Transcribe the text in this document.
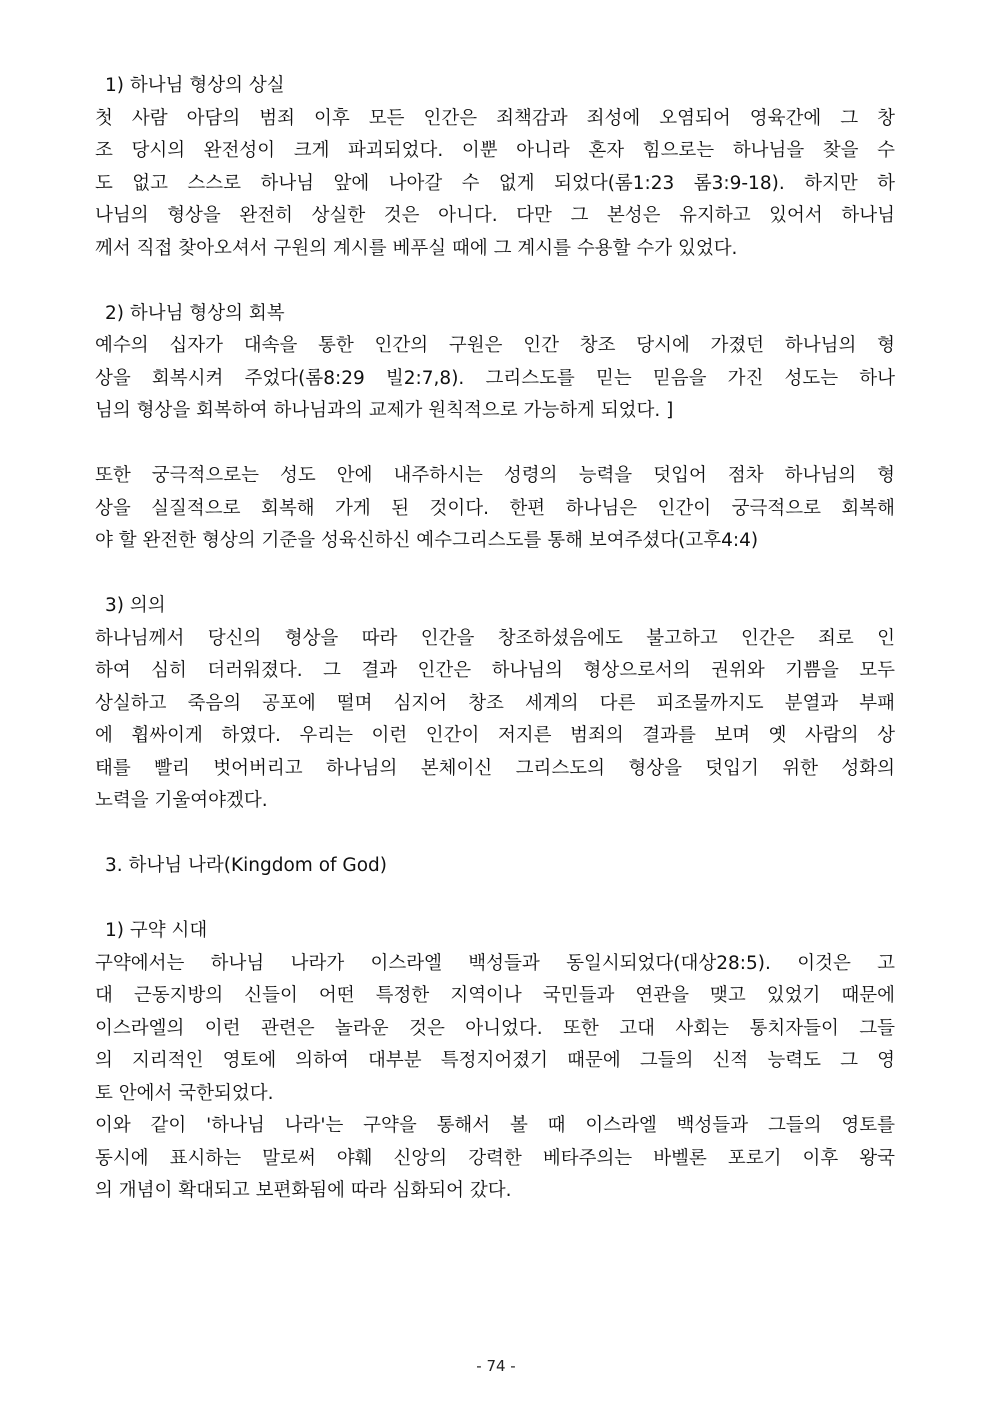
1) 하나님 형상의 상실
첫 사람 아담의 범죄 이후 모든 인간은 죄책감과 죄성에 오염되어 영육간에 그 창
조 당시의 완전성이 크게 파괴되었다. 이뿐 아니라 혼자 힘으로는 하나님을 찾을 수
도 없고 스스로 하나님 앞에 나아갈 수 없게 되었다(롬1:23 롬3:9-18). 하지만 하
나님의 형상을 완전히 상실한 것은 아니다. 다만 그 본성은 유지하고 있어서 하나님
께서 직접 찾아오셔서 구원의 계시를 베푸실 때에 그 계시를 수용할 수가 있었다.
2) 하나님 형상의 회복
예수의 십자가 대속을 통한 인간의 구원은 인간 창조 당시에 가졌던 하나님의 형
상을 회복시켜 주었다(롬8:29 빌2:7,8). 그리스도를 믿는 믿음을 가진 성도는 하나
님의 형상을 회복하여 하나님과의 교제가 원칙적으로 가능하게 되었다. ]
또한 궁극적으로는 성도 안에 내주하시는 성령의 능력을 덧입어 점차 하나님의 형
상을 실질적으로 회복해 가게 된 것이다. 한편 하나님은 인간이 궁극적으로 회복해
야 할 완전한 형상의 기준을 성육신하신 예수그리스도를 통해 보여주셨다(고후4:4)
3) 의의
하나님께서 당신의 형상을 따라 인간을 창조하셨음에도 불고하고 인간은 죄로 인
하여 심히 더러워졌다. 그 결과 인간은 하나님의 형상으로서의 권위와 기쁨을 모두
상실하고 죽음의 공포에 떨며 심지어 창조 세계의 다른 피조물까지도 분열과 부패
에 휩싸이게 하였다. 우리는 이런 인간이 저지른 범죄의 결과를 보며 옛 사람의 상
태를 빨리 벗어버리고 하나님의 본체이신 그리스도의 형상을 덧입기 위한 성화의
노력을 기울여야겠다.
3. 하나님 나라(Kingdom of God)
1) 구약 시대
구약에서는 하나님 나라가 이스라엘 백성들과 동일시되었다(대상28:5). 이것은 고
대 근동지방의 신들이 어떤 특정한 지역이나 국민들과 연관을 맺고 있었기 때문에
이스라엘의 이런 관련은 놀라운 것은 아니었다. 또한 고대 사회는 통치자들이 그들
의 지리적인 영토에 의하여 대부분 특정지어졌기 때문에 그들의 신적 능력도 그 영
토 안에서 국한되었다.
이와 같이 '하나님 나라'는 구약을 통해서 볼 때 이스라엘 백성들과 그들의 영토를
동시에 표시하는 말로써 야훼 신앙의 강력한 베타주의는 바벨론 포로기 이후 왕국
의 개념이 확대되고 보편화됨에 따라 심화되어 갔다.
- 74 -
